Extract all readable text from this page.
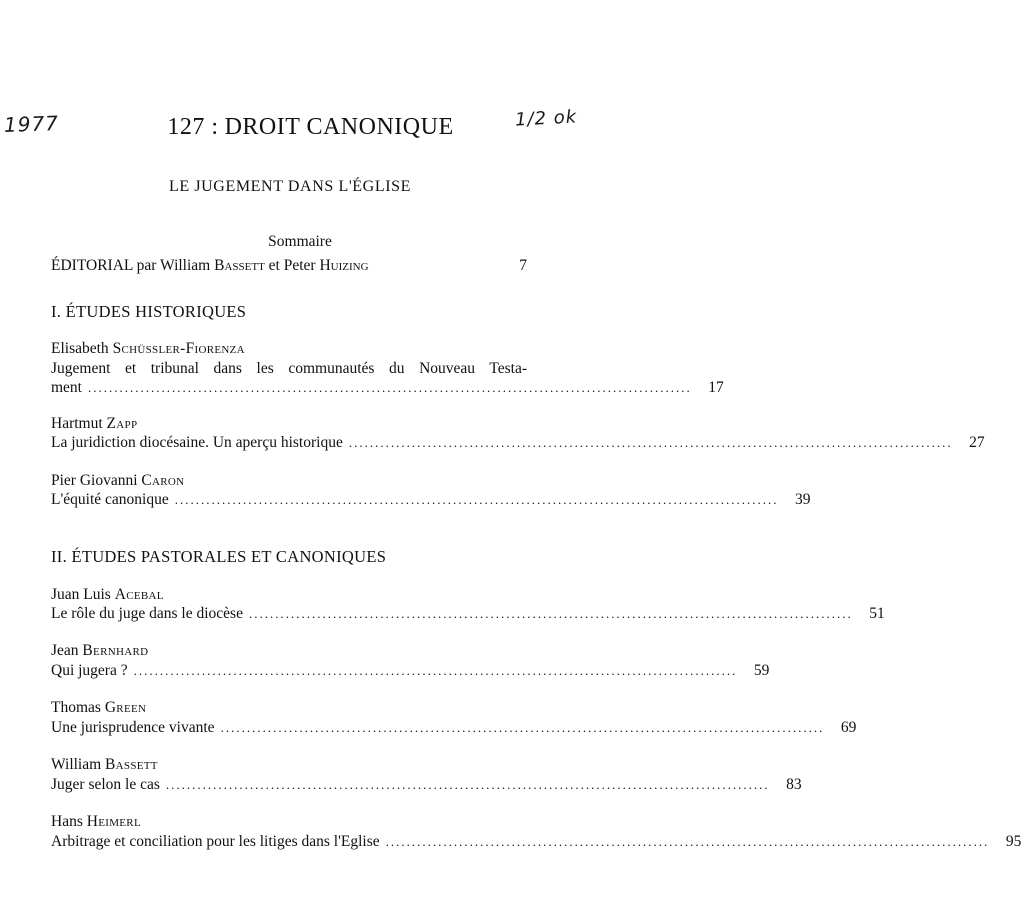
1977	1/2 ok
127 : DROIT CANONIQUE
LE JUGEMENT DANS L'ÉGLISE
Sommaire
ÉDITORIAL par William Bassett et Peter Huizing	7
I. ÉTUDES HISTORIQUES
Elisabeth Schüssler-Fiorenza
Jugement et tribunal dans les communautés du Nouveau Testa-
ment ...................................................................................................................	17
Hartmut Zapp
La juridiction diocésaine. Un aperçu historique ...................................................................................................................	27
Pier Giovanni Caron
L'équité canonique ...................................................................................................................	39
II. ÉTUDES PASTORALES ET CANONIQUES
Juan Luis Acebal
Le rôle du juge dans le diocèse ...................................................................................................................	51
Jean Bernhard
Qui jugera ? ...................................................................................................................	59
Thomas Green
Une jurisprudence vivante ...................................................................................................................	69
William Bassett
Juger selon le cas ...................................................................................................................	83
Hans Heimerl
Arbitrage et conciliation pour les litiges dans l'Eglise ...................................................................................................................	95
